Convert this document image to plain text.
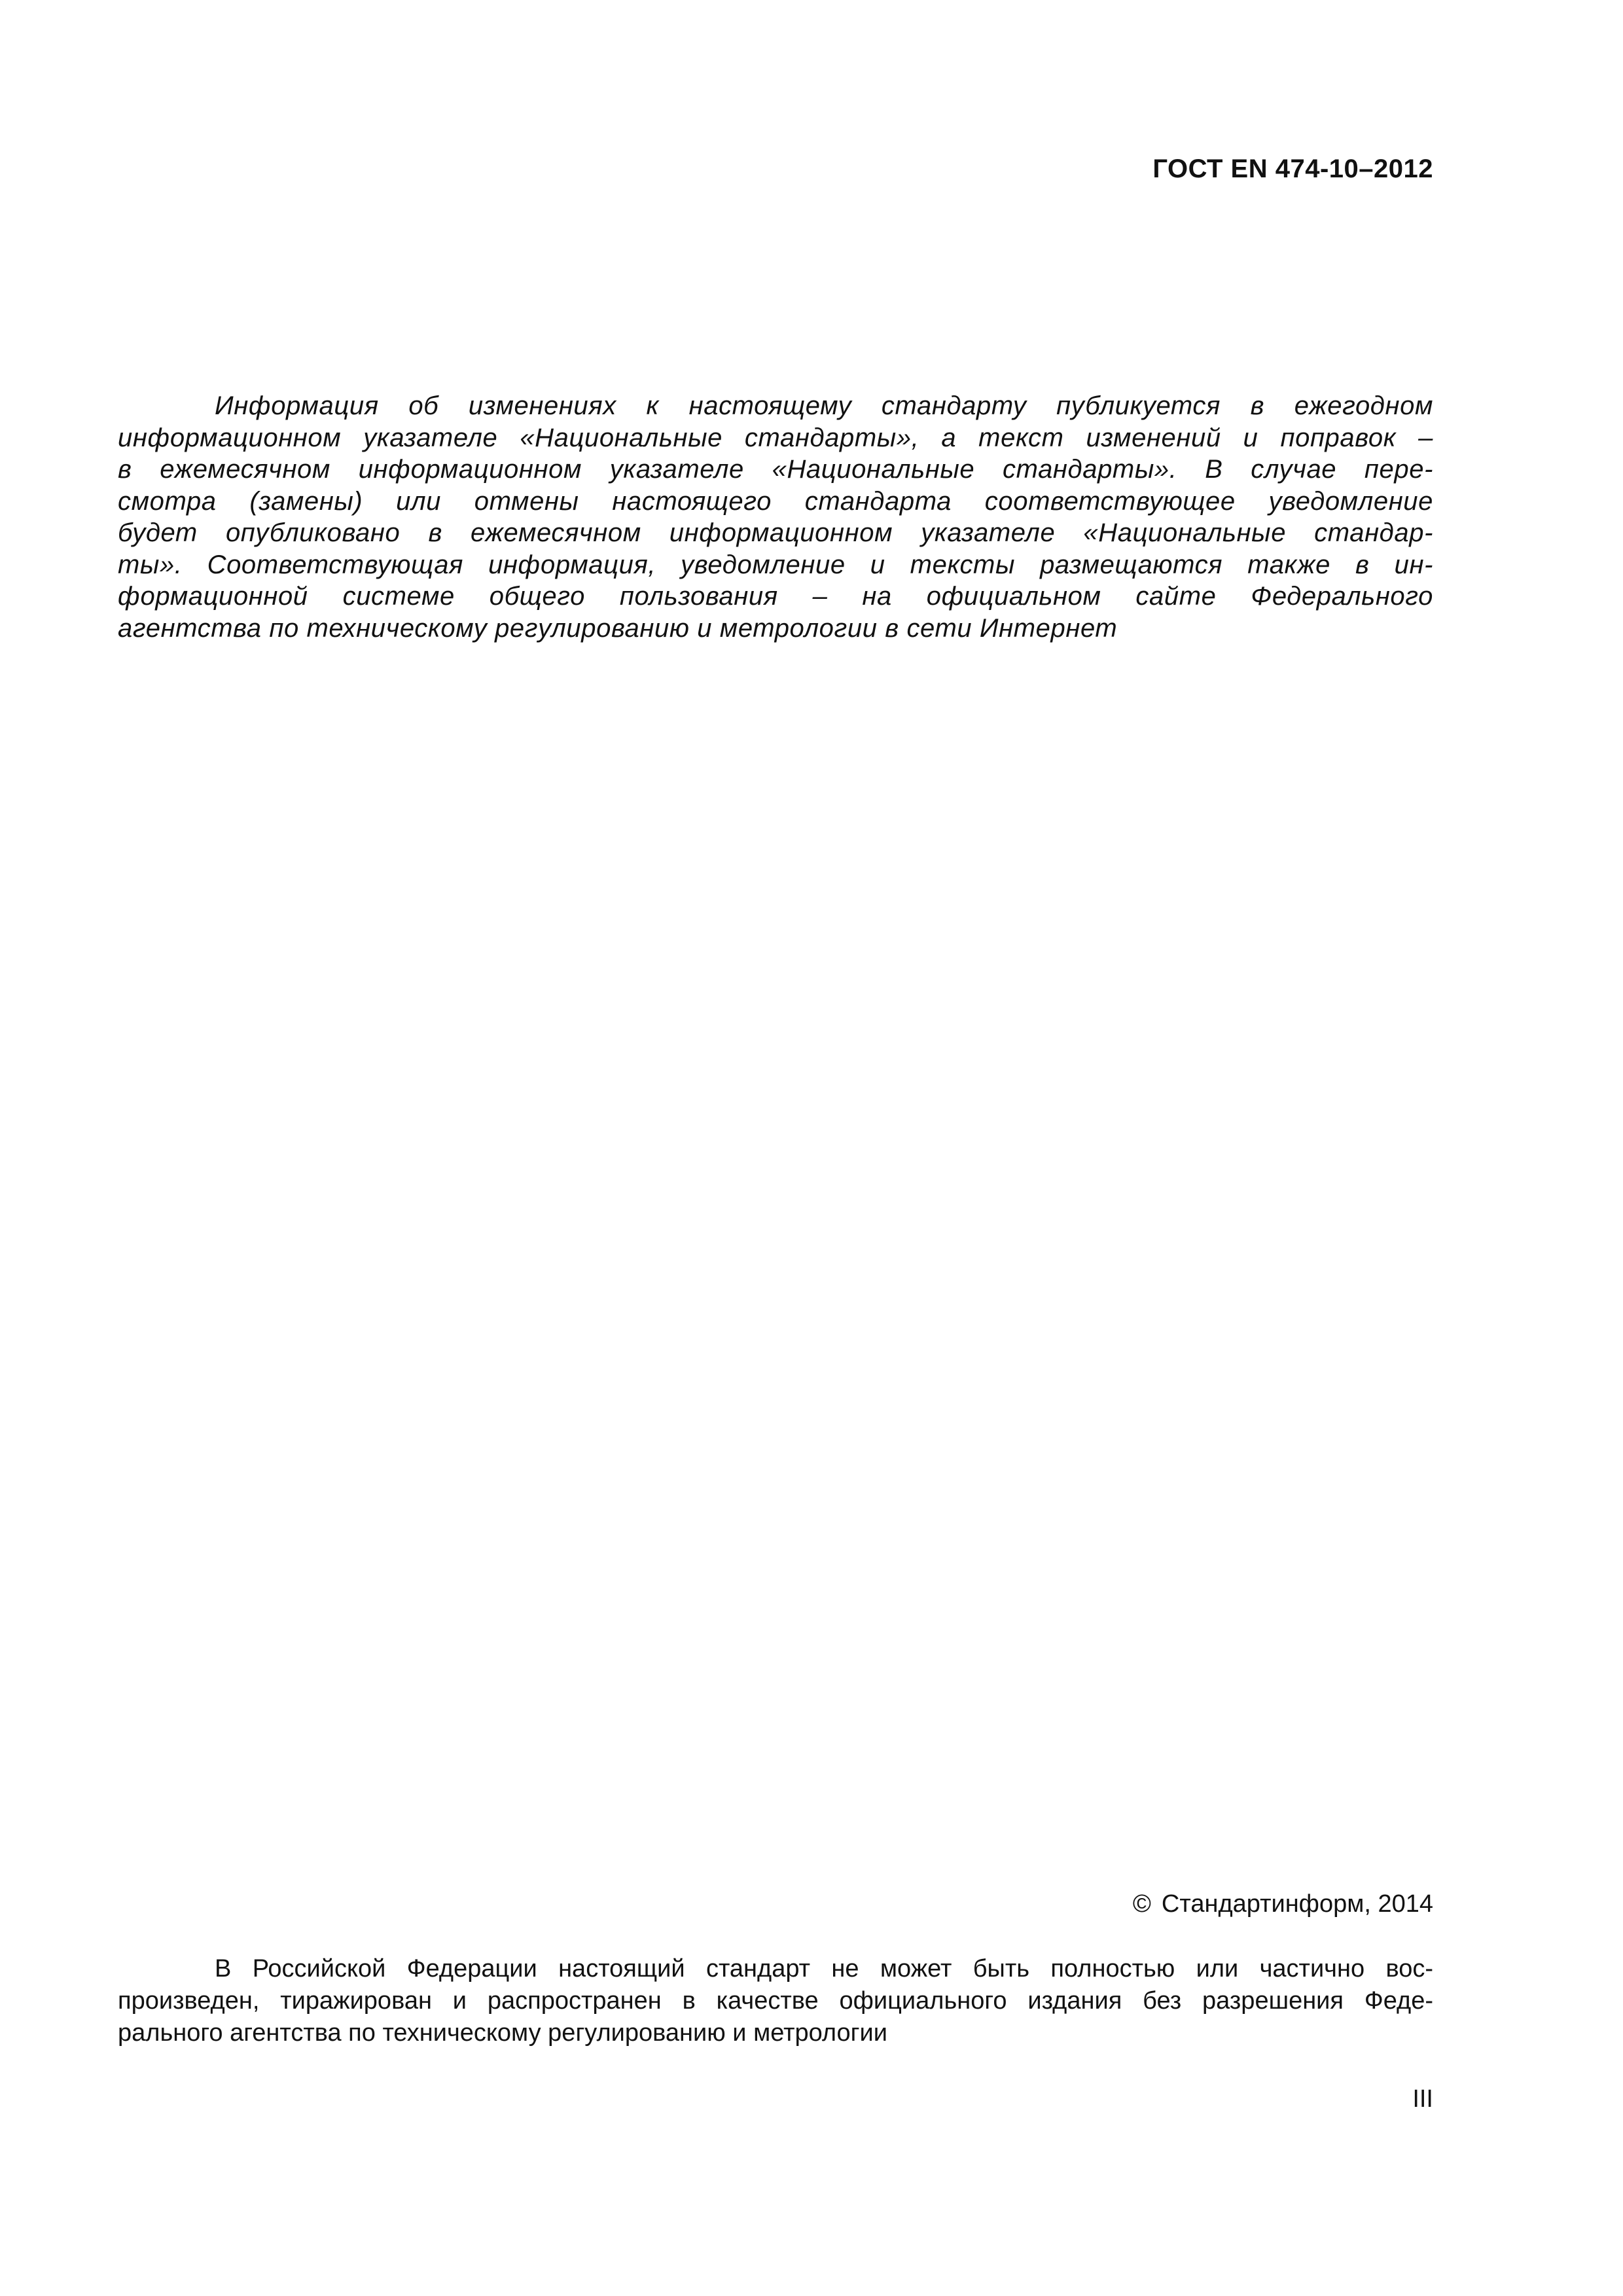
ГОСТ EN 474-10–2012

Информация об изменениях к настоящему стандарту публикуется в ежегодном
информационном указателе «Национальные стандарты», а текст изменений и поправок –
в ежемесячном информационном указателе «Национальные стандарты». В случае пере-
смотра (замены) или отмены настоящего стандарта соответствующее уведомление
будет опубликовано в ежемесячном информационном указателе «Национальные стандар-
ты». Соответствующая информация, уведомление и тексты размещаются также в ин-
формационной системе общего пользования – на официальном сайте Федерального
агентства по техническому регулированию и метрологии в сети Интернет

© Стандартинформ, 2014

В Российской Федерации настоящий стандарт не может быть полностью или частично вос-
произведен, тиражирован и распространен в качестве официального издания без разрешения Феде-
рального агентства по техническому регулированию и метрологии

III
